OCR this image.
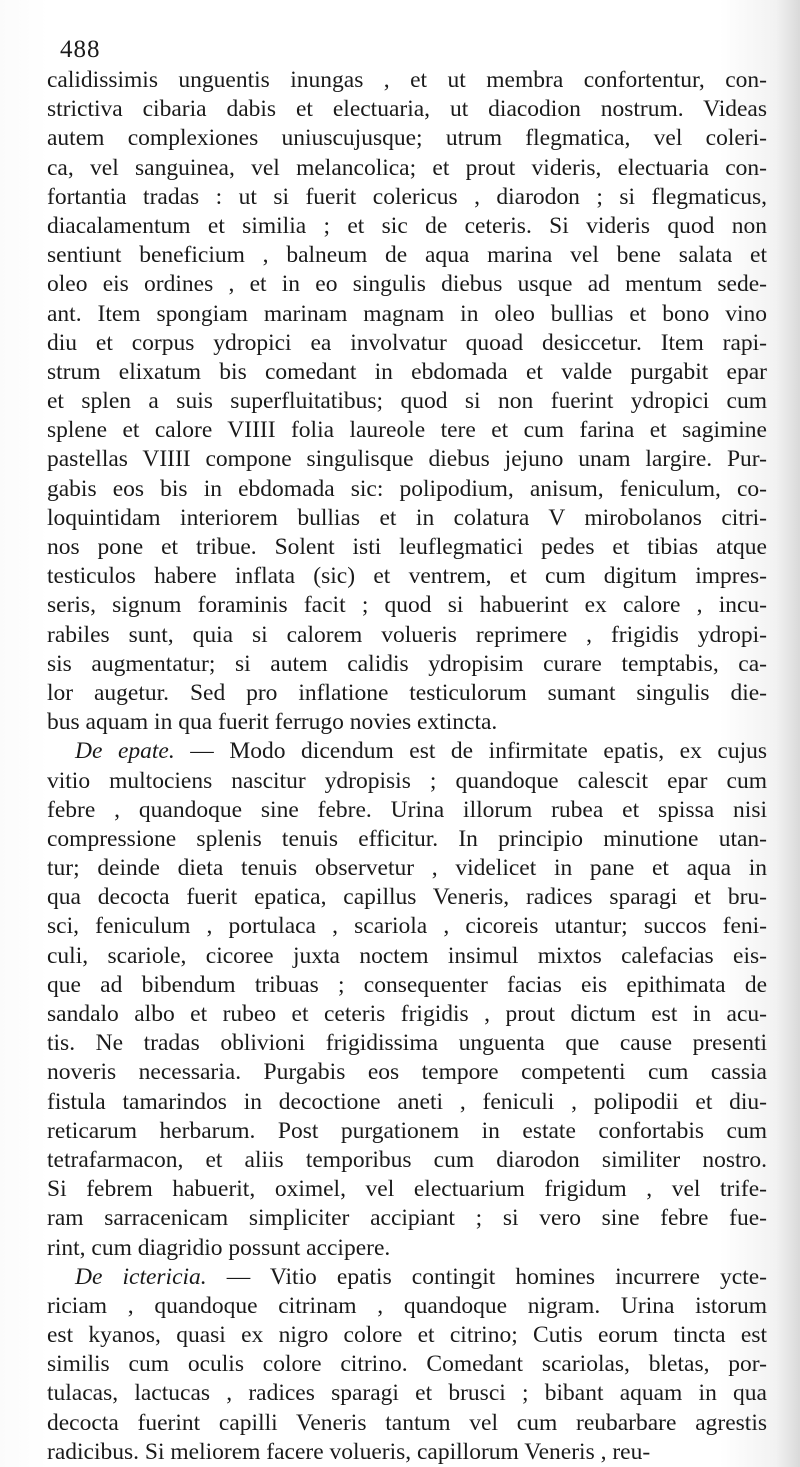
488
calidissimis unguentis inungas , et ut membra confortentur, con-
strictiva cibaria dabis et electuaria, ut diacodion nostrum. Videas
autem complexiones uniuscujusque; utrum flegmatica, vel coleri-
ca, vel sanguinea, vel melancolica; et prout videris, electuaria con-
fortantia tradas : ut si fuerit colericus , diarodon ; si flegmaticus,
diacalamentum et similia ; et sic de ceteris. Si videris quod non
sentiunt beneficium , balneum de aqua marina vel bene salata et
oleo eis ordines , et in eo singulis diebus usque ad mentum sede-
ant. Item spongiam marinam magnam in oleo bullias et bono vino
diu et corpus ydropici ea involvatur quoad desiccetur. Item rapi-
strum elixatum bis comedant in ebdomada et valde purgabit epar
et splen a suis superfluitatibus; quod si non fuerint ydropici cum
splene et calore VIIII folia laureole tere et cum farina et sagimine
pastellas VIIII compone singulisque diebus jejuno unam largire. Pur-
gabis eos bis in ebdomada sic: polipodium, anisum, feniculum, co-
loquintidam interiorem bullias et in colatura V mirobolanos citri-
nos pone et tribue. Solent isti leuflegmatici pedes et tibias atque
testiculos habere inflata (sic) et ventrem, et cum digitum impres-
seris, signum foraminis facit ; quod si habuerint ex calore , incu-
rabiles sunt, quia si calorem volueris reprimere , frigidis ydropi-
sis augmentatur; si autem calidis ydropisim curare temptabis, ca-
lor augetur. Sed pro inflatione testiculorum sumant singulis die-
bus aquam in qua fuerit ferrugo novies extincta.
De epate. — Modo dicendum est de infirmitate epatis, ex cujus
vitio multociens nascitur ydropisis ; quandoque calescit epar cum
febre , quandoque sine febre. Urina illorum rubea et spissa nisi
compressione splenis tenuis efficitur. In principio minutione utan-
tur; deinde dieta tenuis observetur , videlicet in pane et aqua in
qua decocta fuerit epatica, capillus Veneris, radices sparagi et bru-
sci, feniculum , portulaca , scariola , cicoreis utantur; succos feni-
culi, scariole, cicoree juxta noctem insimul mixtos calefacias eis-
que ad bibendum tribuas ; consequenter facias eis epithimata de
sandalo albo et rubeo et ceteris frigidis , prout dictum est in acu-
tis. Ne tradas oblivioni frigidissima unguenta que cause presenti
noveris necessaria. Purgabis eos tempore competenti cum cassia
fistula tamarindos in decoctione aneti , feniculi , polipodii et diu-
reticarum herbarum. Post purgationem in estate confortabis cum
tetrafarmacon, et aliis temporibus cum diarodon similiter nostro.
Si febrem habuerit, oximel, vel electuarium frigidum , vel trife-
ram sarracenicam simpliciter accipiant ; si vero sine febre fue-
rint, cum diagridio possunt accipere.
De ictericia. — Vitio epatis contingit homines incurrere ycte-
riciam , quandoque citrinam , quandoque nigram. Urina istorum
est kyanos, quasi ex nigro colore et citrino; Cutis eorum tincta est
similis cum oculis colore citrino. Comedant scariolas, bletas, por-
tulacas, lactucas , radices sparagi et brusci ; bibant aquam in qua
decocta fuerint capilli Veneris tantum vel cum reubarbare agrestis
radicibus. Si meliorem facere volueris, capillorum Veneris , reu-
